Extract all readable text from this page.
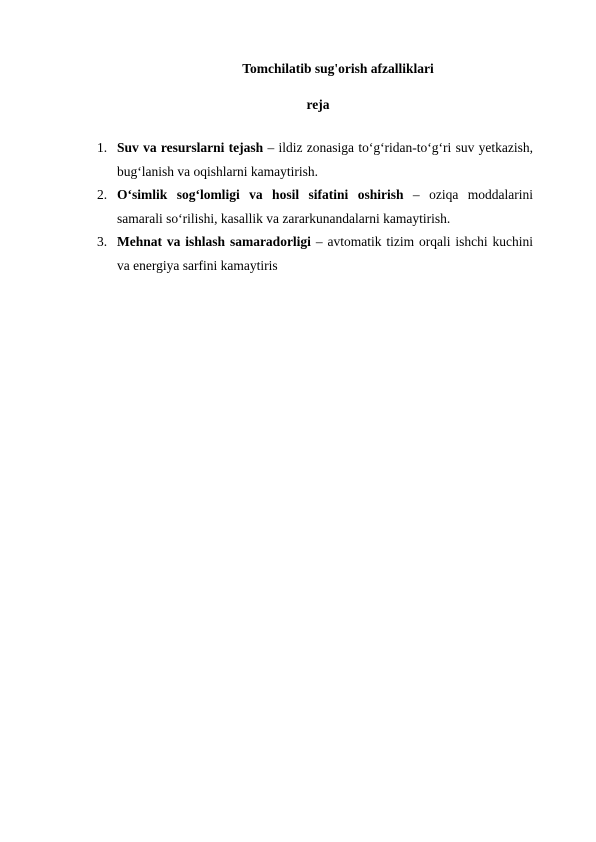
Tomchilatib sug'orish afzalliklari
reja
1. Suv va resurslarni tejash – ildiz zonasiga to‘g‘ridan-to‘g‘ri suv yetkazish, bug‘lanish va oqishlarni kamaytirish.
2. O‘simlik sog‘lomligi va hosil sifatini oshirish – oziqa moddalarini samarali so‘rilishi, kasallik va zararkunandalarni kamaytirish.
3. Mehnat va ishlash samaradorligi – avtomatik tizim orqali ishchi kuchini va energiya sarfini kamaytiris
